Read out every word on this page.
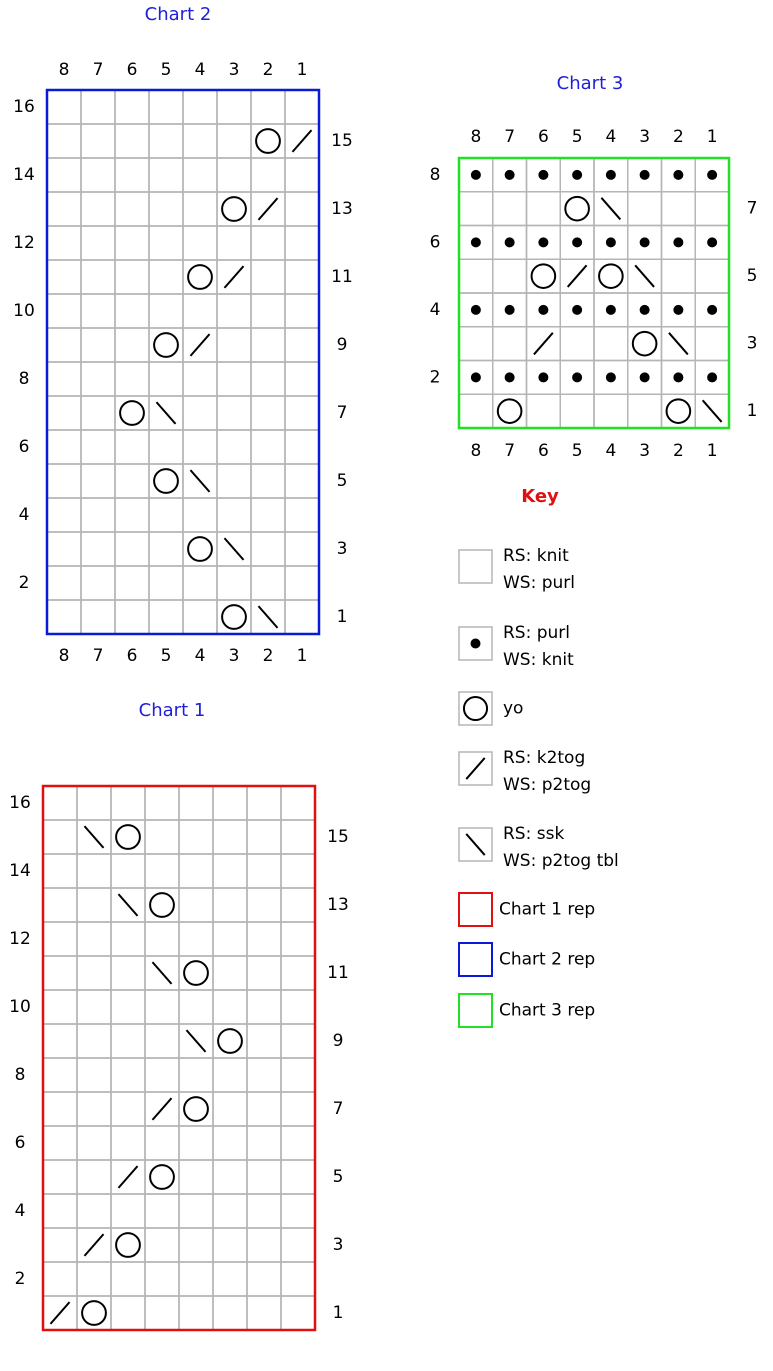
Chart 2
8
8
7
7
6
6
5
5
4
4
3
3
2
2
1
1
2
4
6
8
10
12
14
16
1
3
5
7
9
11
13
15
Chart 3
8
8
7
7
6
6
5
5
4
4
3
3
2
2
1
1
2
4
6
8
1
3
5
7
Chart 1
2
4
6
8
10
12
14
16
1
3
5
7
9
11
13
15
Key
RS: knit
WS: purl
RS: purl
WS: knit
yo
RS: k2tog
WS: p2tog
RS: ssk
WS: p2tog tbl
Chart 1 rep
Chart 2 rep
Chart 3 rep
